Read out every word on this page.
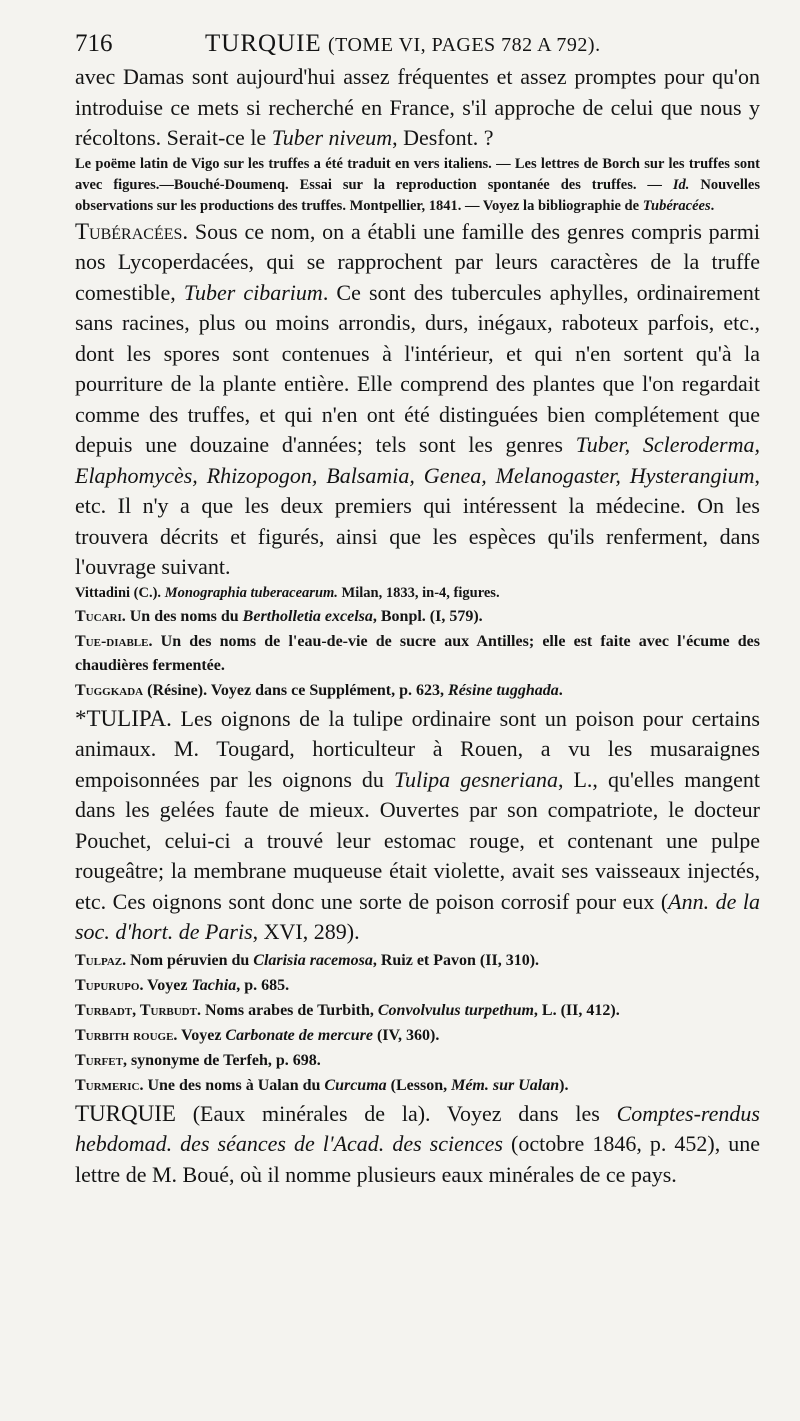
716	TURQUIE
(TOME VI, PAGES 782 A 792).

avec Damas sont aujourd'hui assez fréquentes et assez promptes pour qu'on introduise ce mets si recherché en France, s'il approche de celui que nous y récoltons. Serait-ce le Tuber niveum, Desfont. ?

Le poëme latin de Vigo sur les truffes a été traduit en vers italiens. — Les lettres de Borch sur les truffes sont avec figures.—Bouché-Doumenq. Essai sur la reproduction spontanée des truffes. — Id. Nouvelles observations sur les productions des truffes. Montpellier, 1841. — Voyez la bibliographie de Tubéracées.

Tubéracées. Sous ce nom, on a établi une famille des genres compris parmi nos Lycoperdacées, qui se rapprochent par leurs caractères de la truffe comestible, Tuber cibarium. Ce sont des tubercules aphylles, ordinairement sans racines, plus ou moins arrondis, durs, inégaux, raboteux parfois, etc., dont les spores sont contenues à l'intérieur, et qui n'en sortent qu'à la pourriture de la plante entière. Elle comprend des plantes que l'on regardait comme des truffes, et qui n'en ont été distinguées bien complétement que depuis une douzaine d'années; tels sont les genres Tuber, Scleroderma, Elaphomycès, Rhizopogon, Balsamia, Genea, Melanogaster, Hysterangium, etc. Il n'y a que les deux premiers qui intéressent la médecine. On les trouvera décrits et figurés, ainsi que les espèces qu'ils renferment, dans l'ouvrage suivant.

Vittadini (C.). Monographia tuberacearum. Milan, 1833, in-4, figures.

Tucari. Un des noms du Bertholletia excelsa, Bonpl. (I, 579).

Tue-diable. Un des noms de l'eau-de-vie de sucre aux Antilles; elle est faite avec l'écume des chaudières fermentée.

Tuggkada (Résine). Voyez dans ce Supplément, p. 623, Résine tugghada.

*TULIPA. Les oignons de la tulipe ordinaire sont un poison pour certains animaux. M. Tougard, horticulteur à Rouen, a vu les musaraignes empoisonnées par les oignons du Tulipa gesneriana, L., qu'elles mangent dans les gelées faute de mieux. Ouvertes par son compatriote, le docteur Pouchet, celui-ci a trouvé leur estomac rouge, et contenant une pulpe rougeâtre; la membrane muqueuse était violette, avait ses vaisseaux injectés, etc. Ces oignons sont donc une sorte de poison corrosif pour eux (Ann. de la soc. d'hort. de Paris, XVI, 289).

Tulpaz. Nom péruvien du Clarisia racemosa, Ruiz et Pavon (II, 310).

Tupurupo. Voyez Tachia, p. 685.

Turbadt, Turbudt. Noms arabes de Turbith, Convolvulus turpethum, L. (II, 412).

Turbith rouge. Voyez Carbonate de mercure (IV, 360).

Turfet, synonyme de Terfeh, p. 698.

Turmeric. Une des noms à Ualan du Curcuma (Lesson, Mém. sur Ualan).

TURQUIE (Eaux minérales de la). Voyez dans les Comptes-rendus hebdomad. des séances de l'Acad. des sciences (octobre 1846, p. 452), une lettre de M. Boué, où il nomme plusieurs eaux minérales de ce pays.
